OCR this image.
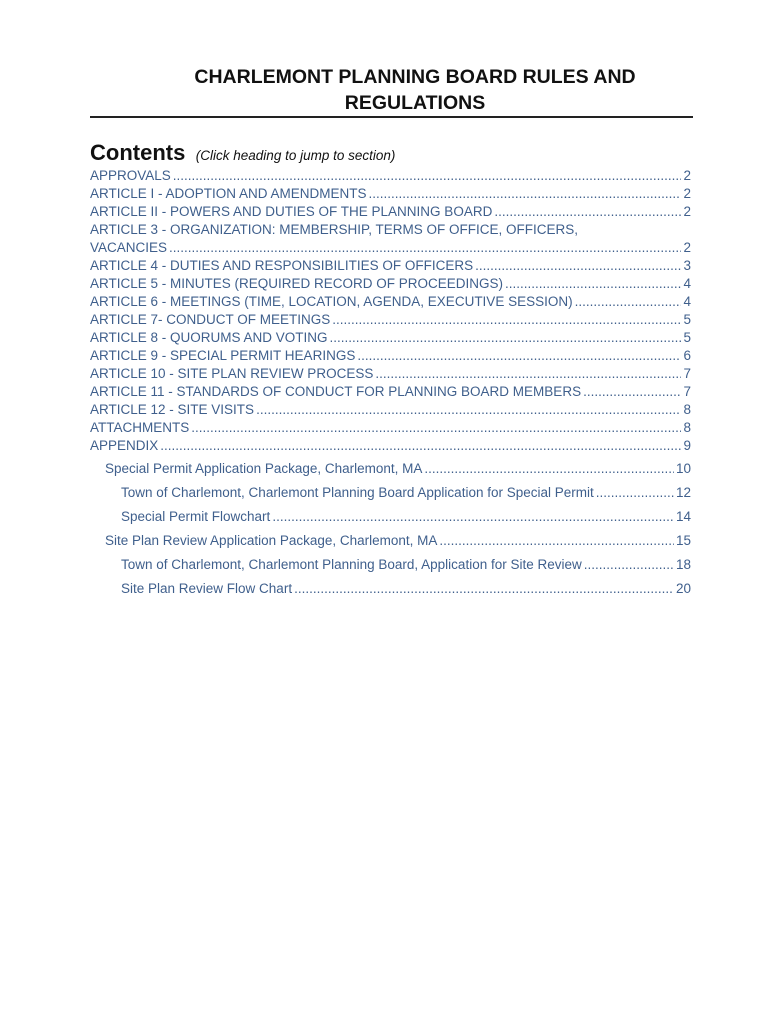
CHARLEMONT PLANNING BOARD RULES AND
REGULATIONS
Contents (Click heading to jump to section)
APPROVALS .....	2
ARTICLE I - ADOPTION AND AMENDMENTS .....	2
ARTICLE II - POWERS AND DUTIES OF THE PLANNING BOARD .....	2
ARTICLE 3 - ORGANIZATION: MEMBERSHIP, TERMS OF OFFICE, OFFICERS,
VACANCIES .....	2
ARTICLE 4 - DUTIES AND RESPONSIBILITIES OF OFFICERS .....	3
ARTICLE 5 - MINUTES (REQUIRED RECORD OF PROCEEDINGS) .....	4
ARTICLE 6 - MEETINGS (TIME, LOCATION, AGENDA, EXECUTIVE SESSION) .....	4
ARTICLE 7- CONDUCT OF MEETINGS .....	5
ARTICLE 8 - QUORUMS AND VOTING .....	5
ARTICLE 9 - SPECIAL PERMIT HEARINGS .....	6
ARTICLE 10 - SITE PLAN REVIEW PROCESS .....	7
ARTICLE 11 - STANDARDS OF CONDUCT FOR PLANNING BOARD MEMBERS .....	7
ARTICLE 12 - SITE VISITS .....	8
ATTACHMENTS .....	8
APPENDIX .....	9
Special Permit Application Package, Charlemont, MA .....	10
Town of Charlemont, Charlemont Planning Board Application for Special Permit .....	12
Special Permit Flowchart .....	14
Site Plan Review Application Package, Charlemont, MA .....	15
Town of Charlemont, Charlemont Planning Board, Application for Site Review .....	18
Site Plan Review Flow Chart .....	20
